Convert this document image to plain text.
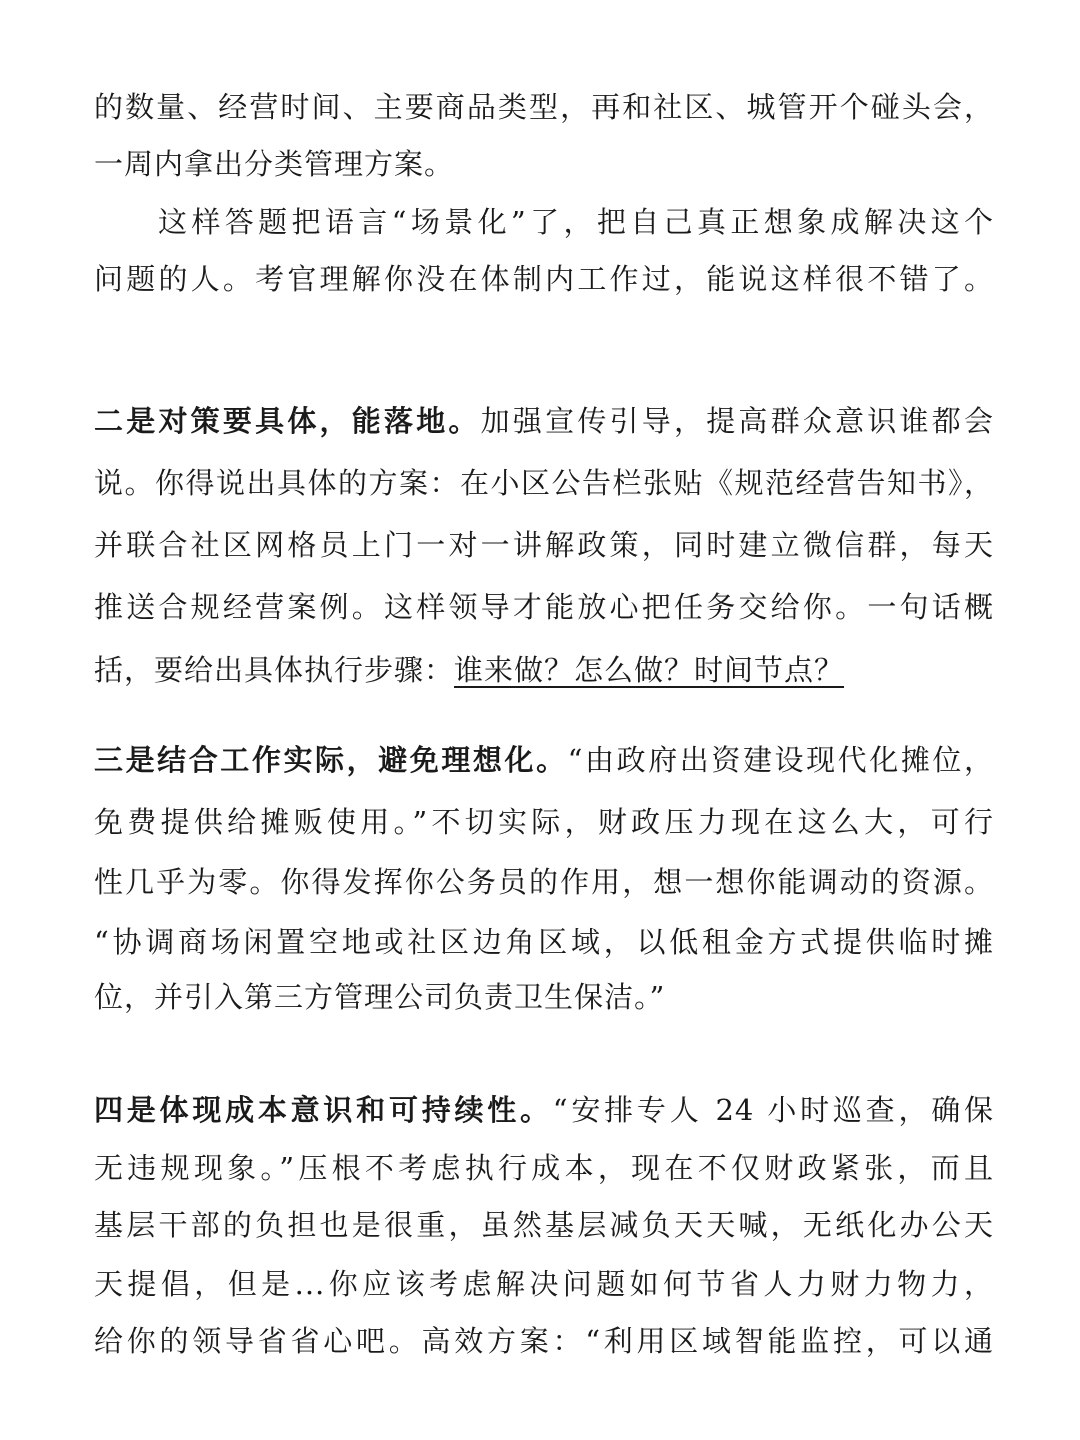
的数量、经营时间、主要商品类型，再和社区、城管开个碰头会，
一周内拿出分类管理方案。
这样答题把语言“场景化”了，把自己真正想象成解决这个
问题的人。考官理解你没在体制内工作过，能说这样很不错了。
二是对策要具体，能落地。加强宣传引导，提高群众意识谁都会
说。你得说出具体的方案：在小区公告栏张贴《规范经营告知书》，
并联合社区网格员上门一对一讲解政策，同时建立微信群，每天
推送合规经营案例。这样领导才能放心把任务交给你。一句话概
括，要给出具体执行步骤：谁来做？怎么做？时间节点？
三是结合工作实际，避免理想化。“由政府出资建设现代化摊位，
免费提供给摊贩使用。”不切实际，财政压力现在这么大，可行
性几乎为零。你得发挥你公务员的作用，想一想你能调动的资源。
“协调商场闲置空地或社区边角区域，以低租金方式提供临时摊
位，并引入第三方管理公司负责卫生保洁。”
四是体现成本意识和可持续性。“安排专人 24 小时巡查，确保
无违规现象。”压根不考虑执行成本，现在不仅财政紧张，而且
基层干部的负担也是很重，虽然基层减负天天喊，无纸化办公天
天提倡，但是...你应该考虑解决问题如何节省人力财力物力，
给你的领导省省心吧。高效方案：“利用区域智能监控，可以通
